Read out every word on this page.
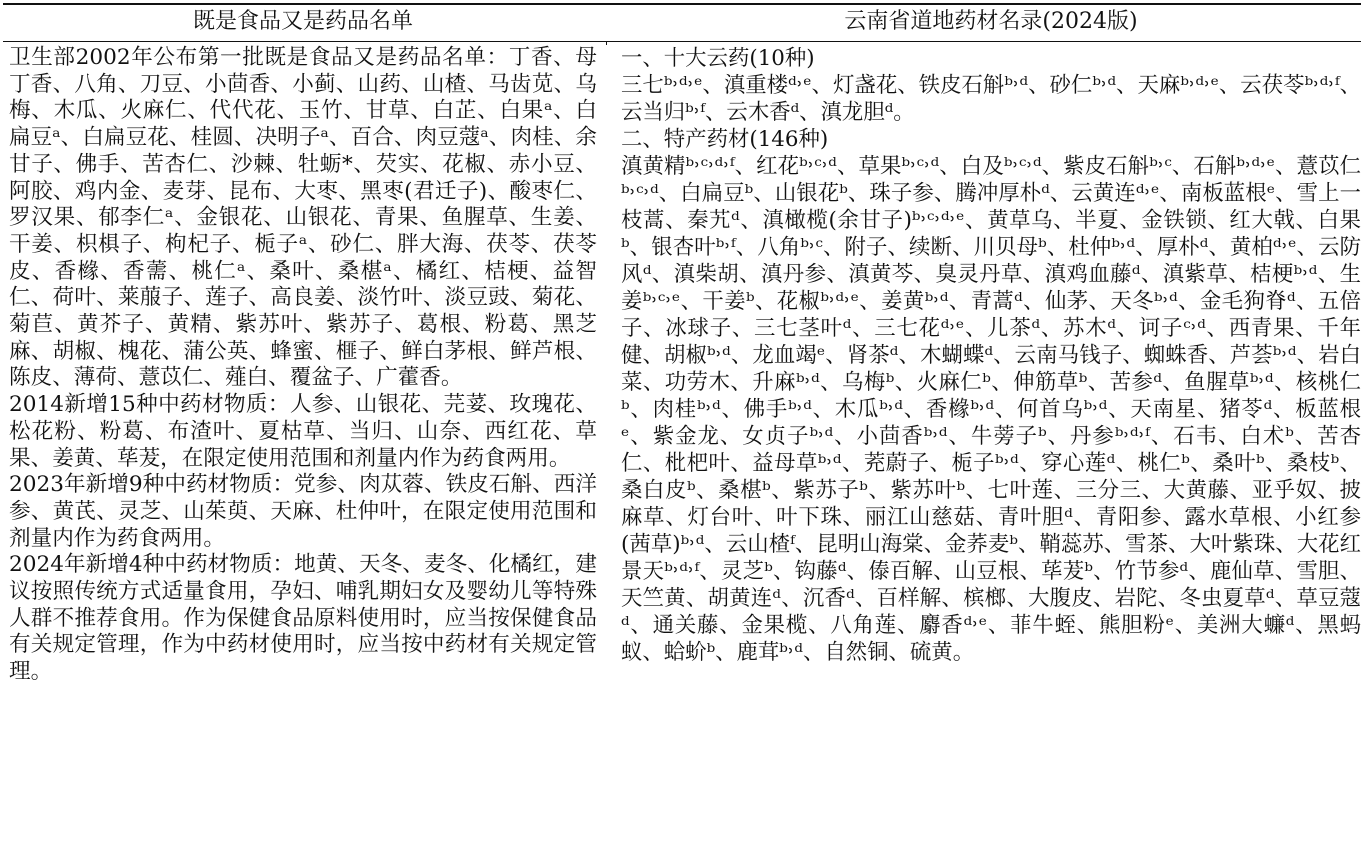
既是食品又是药品名单

卫生部2002年公布第一批既是食品又是药品名单：丁香、母丁香、八角、刀豆、小茴香、小蓟、山药、山楂、马齿苋、乌梅、木瓜、火麻仁、代代花、玉竹、甘草、白芷、白果ᵃ、白扁豆ᵃ、白扁豆花、桂圆、决明子ᵃ、百合、肉豆蔻ᵃ、肉桂、余甘子、佛手、苦杏仁、沙棘、牡蛎*、芡实、花椒、赤小豆、阿胶、鸡内金、麦芽、昆布、大枣、黑枣(君迁子)、酸枣仁、罗汉果、郁李仁ᵃ、金银花、山银花、青果、鱼腥草、生姜、干姜、枳椇子、枸杞子、栀子ᵃ、砂仁、胖大海、茯苓、茯苓皮、香橼、香薷、桃仁ᵃ、桑叶、桑椹ᵃ、橘红、桔梗、益智仁、荷叶、莱菔子、莲子、高良姜、淡竹叶、淡豆豉、菊花、菊苣、黄芥子、黄精、紫苏叶、紫苏子、葛根、粉葛、黑芝麻、胡椒、槐花、蒲公英、蜂蜜、榧子、鲜白茅根、鲜芦根、陈皮、薄荷、薏苡仁、薤白、覆盆子、广藿香。

2014新增15种中药材物质：人参、山银花、芫荽、玫瑰花、松花粉、粉葛、布渣叶、夏枯草、当归、山奈、西红花、草果、姜黄、荜茇，在限定使用范围和剂量内作为药食两用。

2023年新增9种中药材物质：党参、肉苁蓉、铁皮石斛、西洋参、黄芪、灵芝、山茱萸、天麻、杜仲叶，在限定使用范围和剂量内作为药食两用。

2024年新增4种中药材物质：地黄、天冬、麦冬、化橘红，建议按照传统方式适量食用，孕妇、哺乳期妇女及婴幼儿等特殊人群不推荐食用。作为保健食品原料使用时，应当按保健食品有关规定管理，作为中药材使用时，应当按中药材有关规定管理。

云南省道地药材名录(2024版)

一、十大云药(10种)

三七ᵇ˒ᵈ˒ᵉ、滇重楼ᵈ˒ᵉ、灯盏花、铁皮石斛ᵇ˒ᵈ、砂仁ᵇ˒ᵈ、天麻ᵇ˒ᵈ˒ᵉ、云茯苓ᵇ˒ᵈ˒ᶠ、云当归ᵇ˒ᶠ、云木香ᵈ、滇龙胆ᵈ。

二、特产药材(146种)

滇黄精ᵇ˒ᶜ˒ᵈ˒ᶠ、红花ᵇ˒ᶜ˒ᵈ、草果ᵇ˒ᶜ˒ᵈ、白及ᵇ˒ᶜ˒ᵈ、紫皮石斛ᵇ˒ᶜ、石斛ᵇ˒ᵈ˒ᵉ、薏苡仁ᵇ˒ᶜ˒ᵈ、白扁豆ᵇ、山银花ᵇ、珠子参、腾冲厚朴ᵈ、云黄连ᵈ˒ᵉ、南板蓝根ᵉ、雪上一枝蒿、秦艽ᵈ、滇橄榄(余甘子)ᵇ˒ᶜ˒ᵈ˒ᵉ、黄草乌、半夏、金铁锁、红大戟、白果ᵇ、银杏叶ᵇ˒ᶠ、八角ᵇ˒ᶜ、附子、续断、川贝母ᵇ、杜仲ᵇ˒ᵈ、厚朴ᵈ、黄柏ᵈ˒ᵉ、云防风ᵈ、滇柴胡、滇丹参、滇黄芩、臭灵丹草、滇鸡血藤ᵈ、滇紫草、桔梗ᵇ˒ᵈ、生姜ᵇ˒ᶜ˒ᵉ、干姜ᵇ、花椒ᵇ˒ᵈ˒ᵉ、姜黄ᵇ˒ᵈ、青蒿ᵈ、仙茅、天冬ᵇ˒ᵈ、金毛狗脊ᵈ、五倍子、冰球子、三七茎叶ᵈ、三七花ᵈ˒ᵉ、儿茶ᵈ、苏木ᵈ、诃子ᶜ˒ᵈ、西青果、千年健、胡椒ᵇ˒ᵈ、龙血竭ᵉ、肾茶ᵈ、木蝴蝶ᵈ、云南马钱子、蜘蛛香、芦荟ᵇ˒ᵈ、岩白菜、功劳木、升麻ᵇ˒ᵈ、乌梅ᵇ、火麻仁ᵇ、伸筋草ᵇ、苦参ᵈ、鱼腥草ᵇ˒ᵈ、核桃仁ᵇ、肉桂ᵇ˒ᵈ、佛手ᵇ˒ᵈ、木瓜ᵇ˒ᵈ、香橼ᵇ˒ᵈ、何首乌ᵇ˒ᵈ、天南星、猪苓ᵈ、板蓝根ᵉ、紫金龙、女贞子ᵇ˒ᵈ、小茴香ᵇ˒ᵈ、牛蒡子ᵇ、丹参ᵇ˒ᵈ˒ᶠ、石韦、白术ᵇ、苦杏仁、枇杷叶、益母草ᵇ˒ᵈ、茺蔚子、栀子ᵇ˒ᵈ、穿心莲ᵈ、桃仁ᵇ、桑叶ᵇ、桑枝ᵇ、桑白皮ᵇ、桑椹ᵇ、紫苏子ᵇ、紫苏叶ᵇ、七叶莲、三分三、大黄藤、亚乎奴、披麻草、灯台叶、叶下珠、丽江山慈菇、青叶胆ᵈ、青阳参、露水草根、小红参(茜草)ᵇ˒ᵈ、云山楂ᶠ、昆明山海棠、金荞麦ᵇ、鞘蕊苏、雪茶、大叶紫珠、大花红景天ᵇ˒ᵈ˒ᶠ、灵芝ᵇ、钩藤ᵈ、傣百解、山豆根、荜茇ᵇ、竹节参ᵈ、鹿仙草、雪胆、天竺黄、胡黄连ᵈ、沉香ᵈ、百样解、槟榔、大腹皮、岩陀、冬虫夏草ᵈ、草豆蔻ᵈ、通关藤、金果榄、八角莲、麝香ᵈ˒ᵉ、菲牛蛭、熊胆粉ᵉ、美洲大蠊ᵈ、黑蚂蚁、蛤蚧ᵇ、鹿茸ᵇ˒ᵈ、自然铜、硫黄。
